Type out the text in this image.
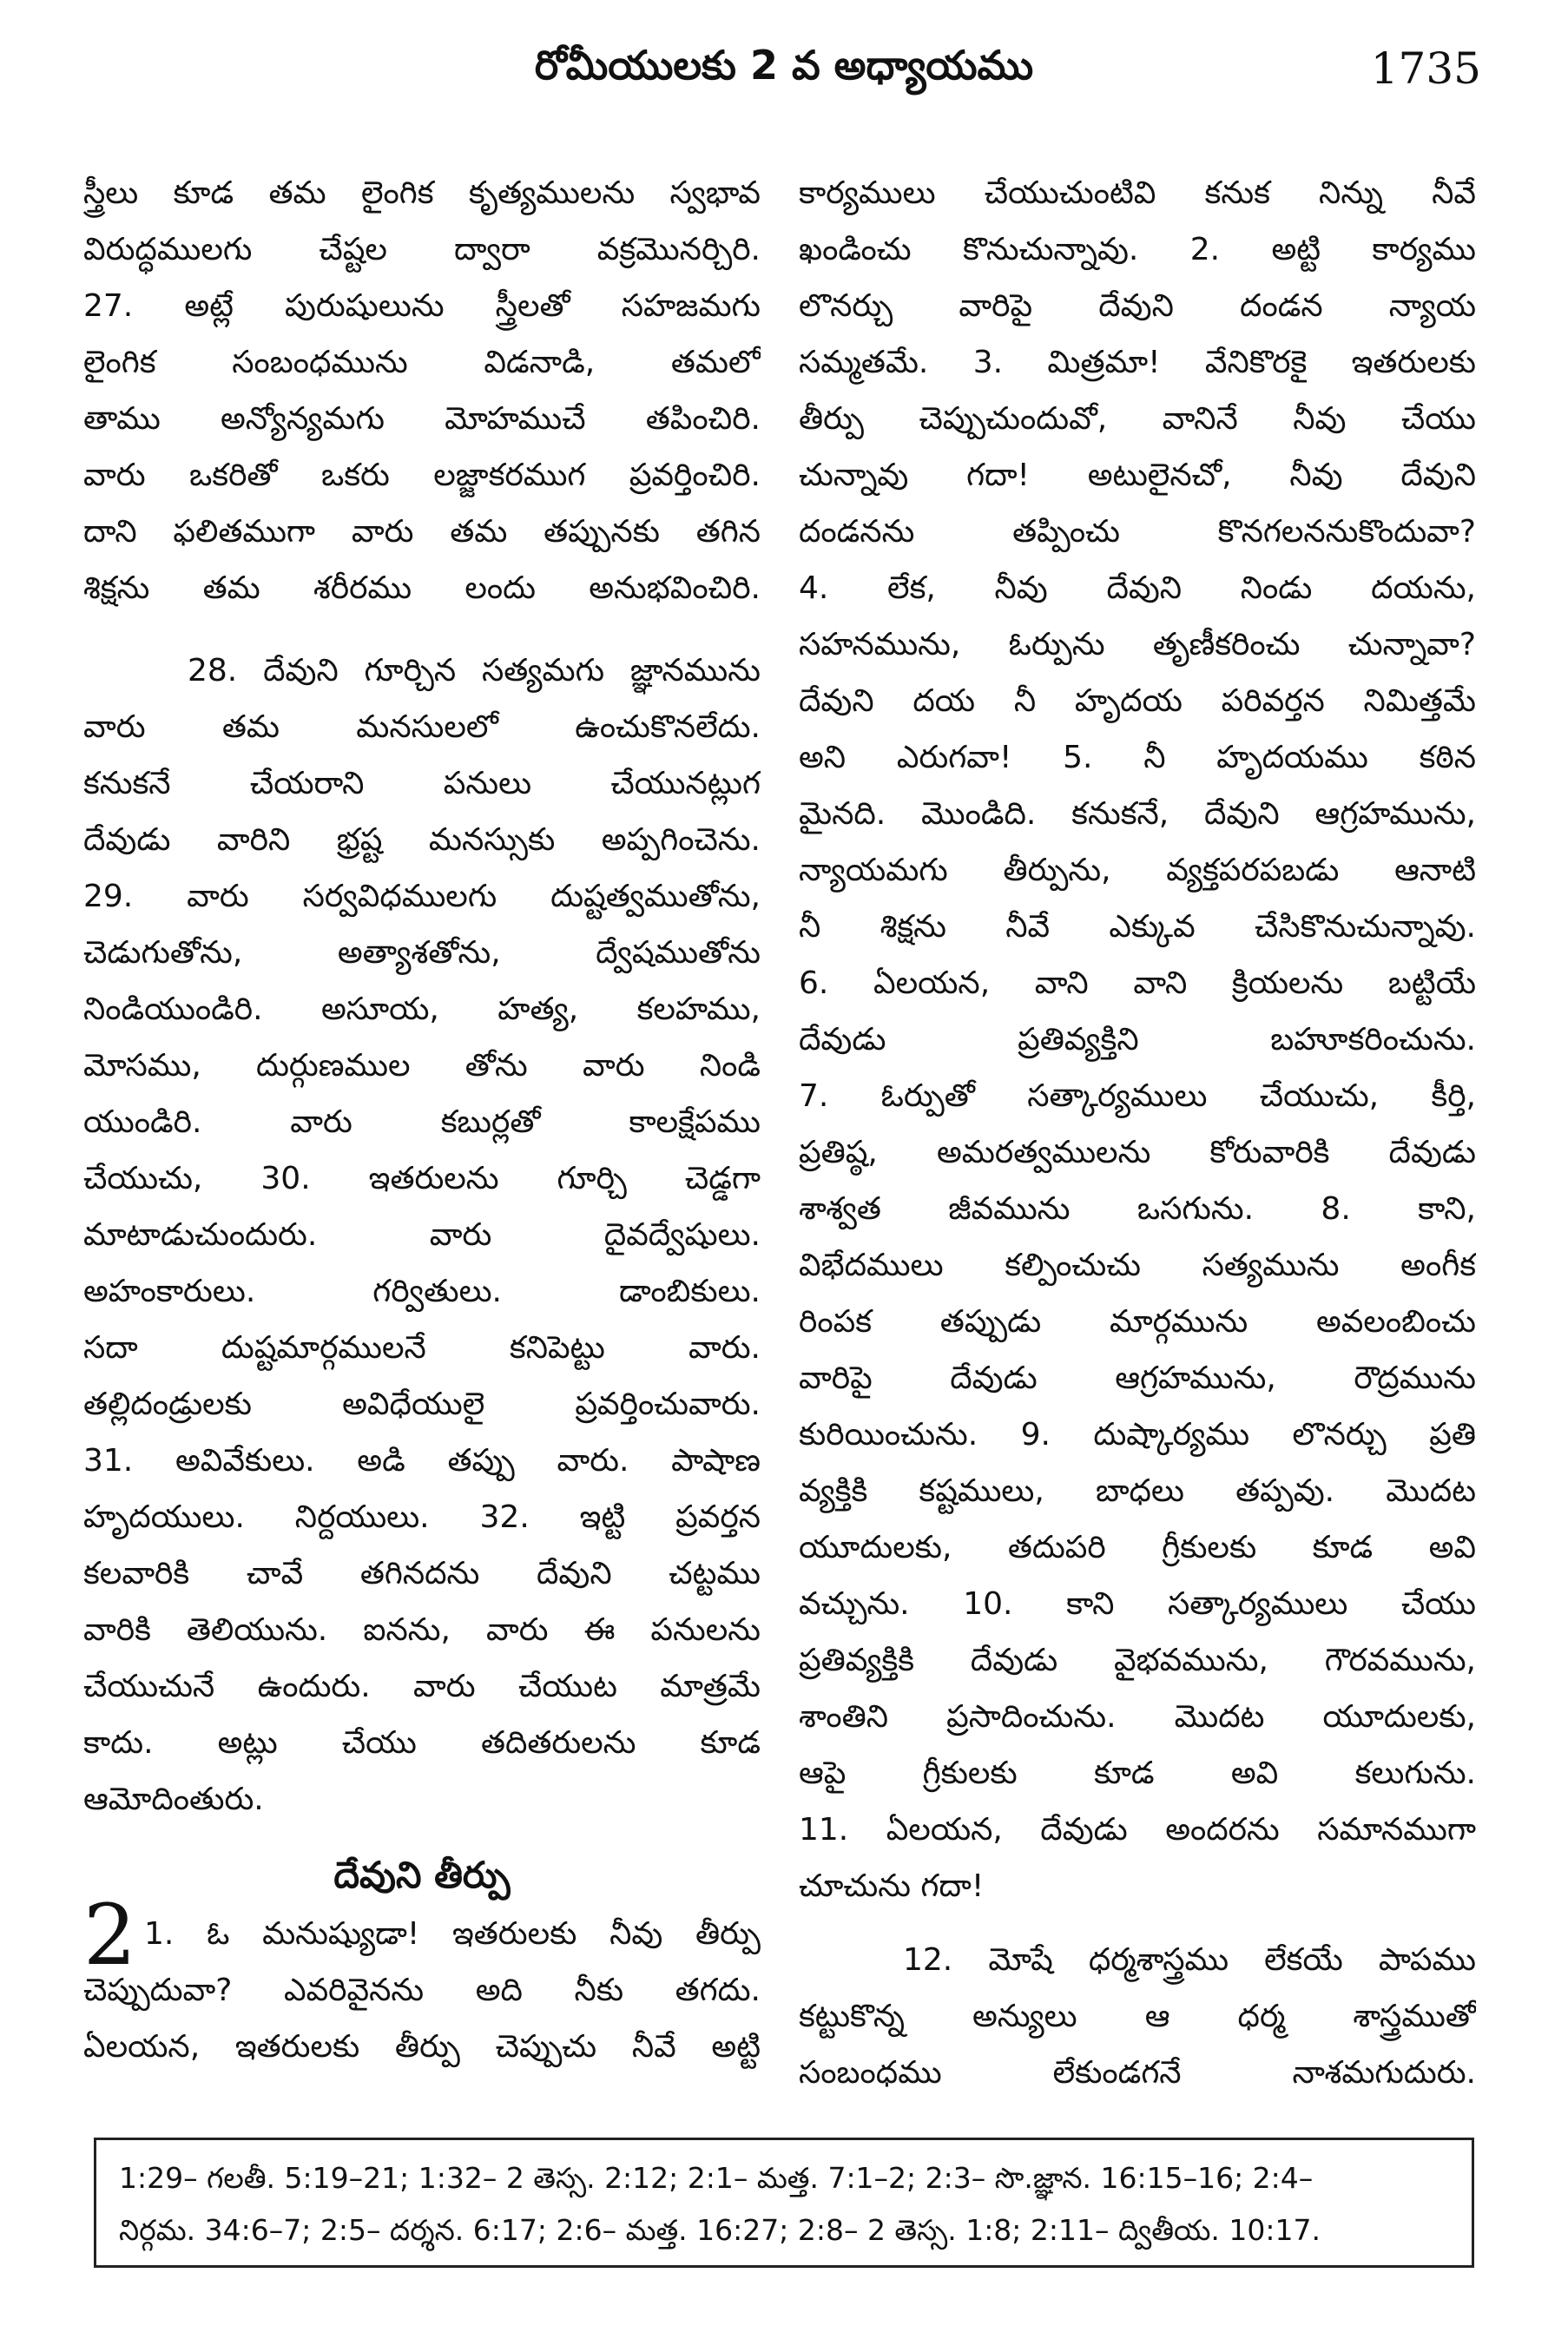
రోమీయులకు 2 వ అధ్యాయము	1735
స్త్రీలు కూడ తమ లైంగిక కృత్యములను స్వభావ
విరుద్ధములగు చేష్టల ద్వారా వక్రమొనర్చిరి.
27. అట్లే పురుషులును స్త్రీలతో సహజమగు
లైంగిక సంబంధమును విడనాడి, తమలో
తాము అన్యోన్యమగు మోహముచే తపించిరి.
వారు ఒకరితో ఒకరు లజ్జాకరముగ ప్రవర్తించిరి.
దాని ఫలితముగా వారు తమ తప్పునకు తగిన
శిక్షను తమ శరీరము లందు అనుభవించిరి.
28. దేవుని గూర్చిన సత్యమగు జ్ఞానమును
వారు తమ మనసులలో ఉంచుకొనలేదు.
కనుకనే చేయరాని పనులు చేయునట్లుగ
దేవుడు వారిని భ్రష్ట మనస్సుకు అప్పగించెను.
29. వారు సర్వవిధములగు దుష్టత్వముతోను,
చెడుగుతోను, అత్యాశతోను, ద్వేషముతోను
నిండియుండిరి. అసూయ, హత్య, కలహము,
మోసము, దుర్గుణముల తోను వారు నిండి
యుండిరి. వారు కబుర్లతో కాలక్షేపము
చేయుచు, 30. ఇతరులను గూర్చి చెడ్డగా
మాటాడుచుందురు. వారు దైవద్వేషులు.
అహంకారులు. గర్వితులు. డాంబికులు.
సదా దుష్టమార్గములనే కనిపెట్టు వారు.
తల్లిదండ్రులకు అవిధేయులై ప్రవర్తించువారు.
31. అవివేకులు. అడి తప్పు వారు. పాషాణ
హృదయులు. నిర్దయులు. 32. ఇట్టి ప్రవర్తన
కలవారికి చావే తగినదను దేవుని చట్టము
వారికి తెలియును. ఐనను, వారు ఈ పనులను
చేయుచునే ఉందురు. వారు చేయుట మాత్రమే
కాదు. అట్లు చేయు తదితరులను కూడ
ఆమోదింతురు.
దేవుని తీర్పు
2 1. ఓ మనుష్యుడా! ఇతరులకు నీవు తీర్పు
చెప్పుదువా? ఎవరివైనను అది నీకు తగదు.
ఏలయన, ఇతరులకు తీర్పు చెప్పుచు నీవే అట్టి
కార్యములు చేయుచుంటివి కనుక నిన్ను నీవే
ఖండించు కొనుచున్నావు. 2. అట్టి కార్యము
లొనర్చు వారిపై దేవుని దండన న్యాయ
సమ్మతమే. 3. మిత్రమా! వేనికొరకై ఇతరులకు
తీర్పు చెప్పుచుందువో, వానినే నీవు చేయు
చున్నావు గదా! అటులైనచో, నీవు దేవుని
దండనను తప్పించు కొనగలననుకొందువా?
4. లేక, నీవు దేవుని నిండు దయను,
సహనమును, ఓర్పును తృణీకరించు చున్నావా?
దేవుని దయ నీ హృదయ పరివర్తన నిమిత్తమే
అని ఎరుగవా! 5. నీ హృదయము కఠిన
మైనది. మొండిది. కనుకనే, దేవుని ఆగ్రహమును,
న్యాయమగు తీర్పును, వ్యక్తపరపబడు ఆనాటి
నీ శిక్షను నీవే ఎక్కువ చేసికొనుచున్నావు.
6. ఏలయన, వాని వాని క్రియలను బట్టియే
దేవుడు ప్రతివ్యక్తిని బహూకరించును.
7. ఓర్పుతో సత్కార్యములు చేయుచు, కీర్తి,
ప్రతిష్ఠ, అమరత్వములను కోరువారికి దేవుడు
శాశ్వత జీవమును ఒసగును. 8. కాని,
విభేదములు కల్పించుచు సత్యమును అంగీక
రింపక తప్పుడు మార్గమును అవలంబించు
వారిపై దేవుడు ఆగ్రహమును, రౌద్రమును
కురియించును. 9. దుష్కార్యము లొనర్చు ప్రతి
వ్యక్తికి కష్టములు, బాధలు తప్పవు. మొదట
యూదులకు, తదుపరి గ్రీకులకు కూడ అవి
వచ్చును. 10. కాని సత్కార్యములు చేయు
ప్రతివ్యక్తికి దేవుడు వైభవమును, గౌరవమును,
శాంతిని ప్రసాదించును. మొదట యూదులకు,
ఆపై గ్రీకులకు కూడ అవి కలుగును.
11. ఏలయన, దేవుడు అందరను సమానముగా
చూచును గదా!
12. మోషే ధర్మశాస్త్రము లేకయే పాపము
కట్టుకొన్న అన్యులు ఆ ధర్మ శాస్త్రముతో
సంబంధము లేకుండగనే నాశమగుదురు.
1:29– గలతీ. 5:19–21; 1:32– 2 తెస్స. 2:12; 2:1– మత్త. 7:1–2; 2:3– సొ.జ్ఞాన. 16:15–16; 2:4–
నిర్గమ. 34:6–7; 2:5– దర్శన. 6:17; 2:6– మత్త. 16:27; 2:8– 2 తెస్స. 1:8; 2:11– ద్వితీయ. 10:17.
